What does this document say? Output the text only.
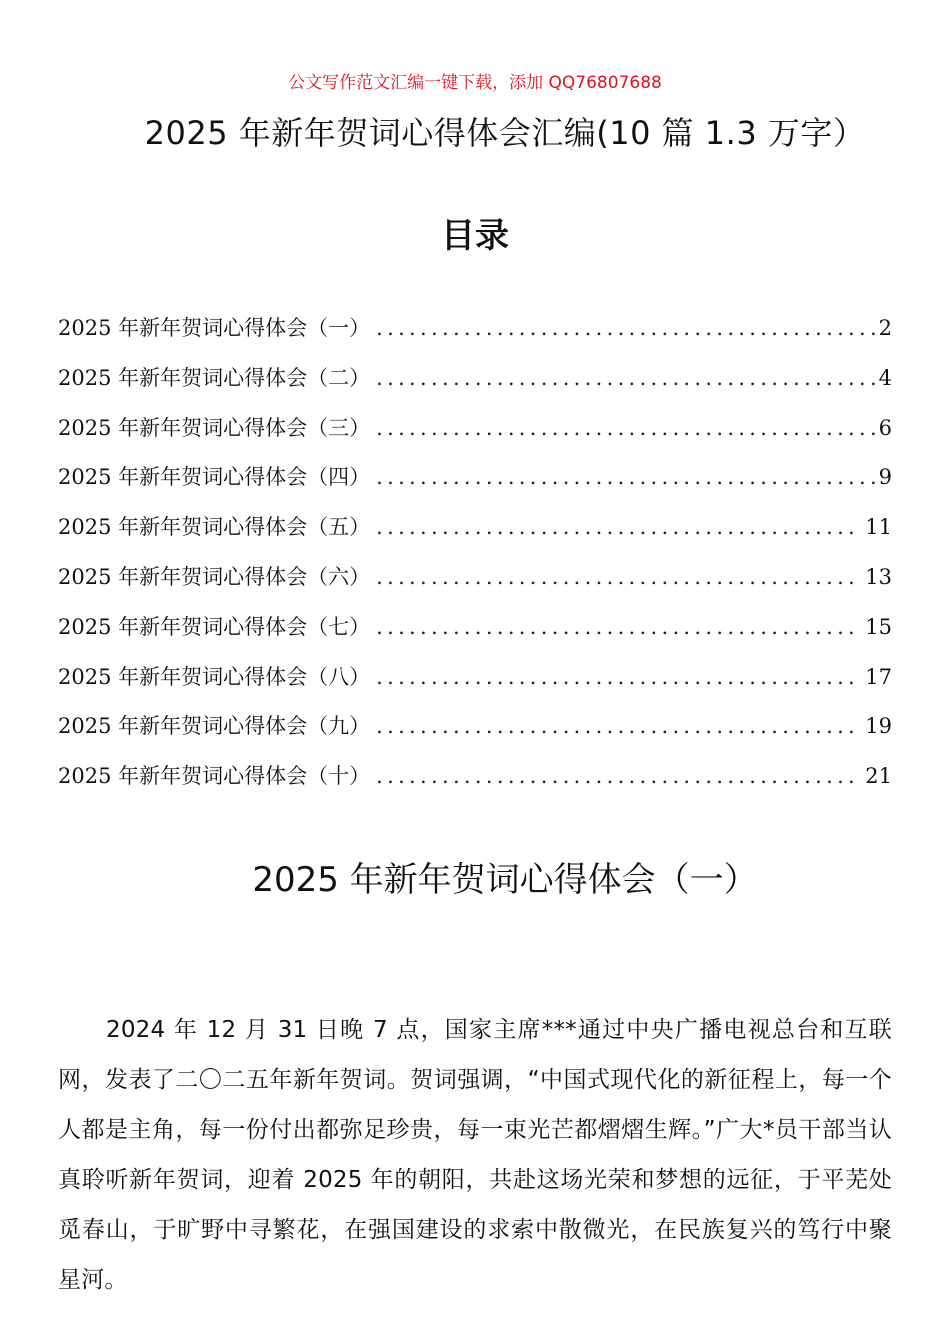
公文写作范文汇编一键下载，添加 QQ76807688
2025 年新年贺词心得体会汇编(10 篇 1.3 万字）
目录
2025 年新年贺词心得体会（一） .....	2
2025 年新年贺词心得体会（二） .....	4
2025 年新年贺词心得体会（三） .....	6
2025 年新年贺词心得体会（四） .....	9
2025 年新年贺词心得体会（五） .....	11
2025 年新年贺词心得体会（六） .....	13
2025 年新年贺词心得体会（七） .....	15
2025 年新年贺词心得体会（八） .....	17
2025 年新年贺词心得体会（九） .....	19
2025 年新年贺词心得体会（十） .....	21
2025 年新年贺词心得体会（一）

2024 年 12 月 31 日晚 7 点，国家主席***通过中央广播电视总台和互联网，发表了二〇二五年新年贺词。贺词强调，“中国式现代化的新征程上，每一个人都是主角，每一份付出都弥足珍贵，每一束光芒都熠熠生辉。”广大*员干部当认真聆听新年贺词，迎着 2025 年的朝阳，共赴这场光荣和梦想的远征，于平芜处觅春山，于旷野中寻繁花，在强国建设的求索中散微光，在民族复兴的笃行中聚星河。
